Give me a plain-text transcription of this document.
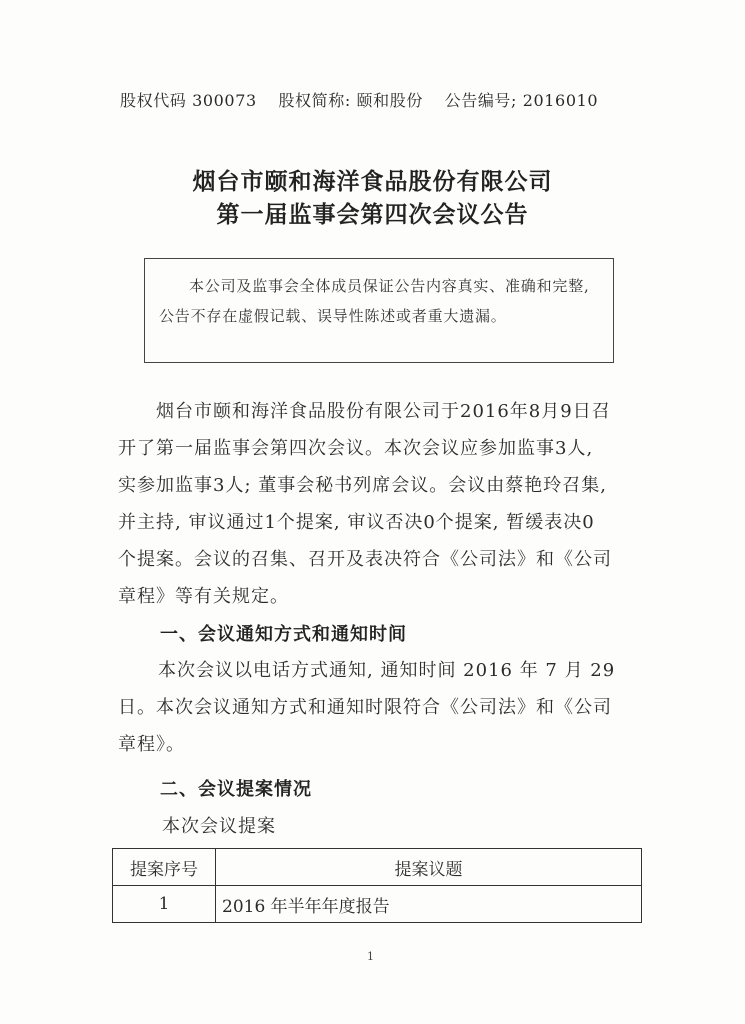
股权代码 300073 股权简称: 颐和股份 公告编号; 2016010
烟台市颐和海洋食品股份有限公司
第一届监事会第四次会议公告
本公司及监事会全体成员保证公告内容真实、准确和完整,
公告不存在虚假记载、误导性陈述或者重大遗漏。
烟台市颐和海洋食品股份有限公司于2016年8月9日召
开了第一届监事会第四次会议。本次会议应参加监事3人,
实参加监事3人; 董事会秘书列席会议。会议由蔡艳玲召集,
并主持, 审议通过1个提案, 审议否决0个提案, 暂缓表决0
个提案。会议的召集、召开及表决符合《公司法》和《公司
章程》等有关规定。
一、会议通知方式和通知时间
本次会议以电话方式通知, 通知时间 2016 年 7 月 29
日。本次会议通知方式和通知时限符合《公司法》和《公司
章程》。
二、会议提案情况
本次会议提案
提案序号	提案议题
1	2016 年半年年度报告
1
